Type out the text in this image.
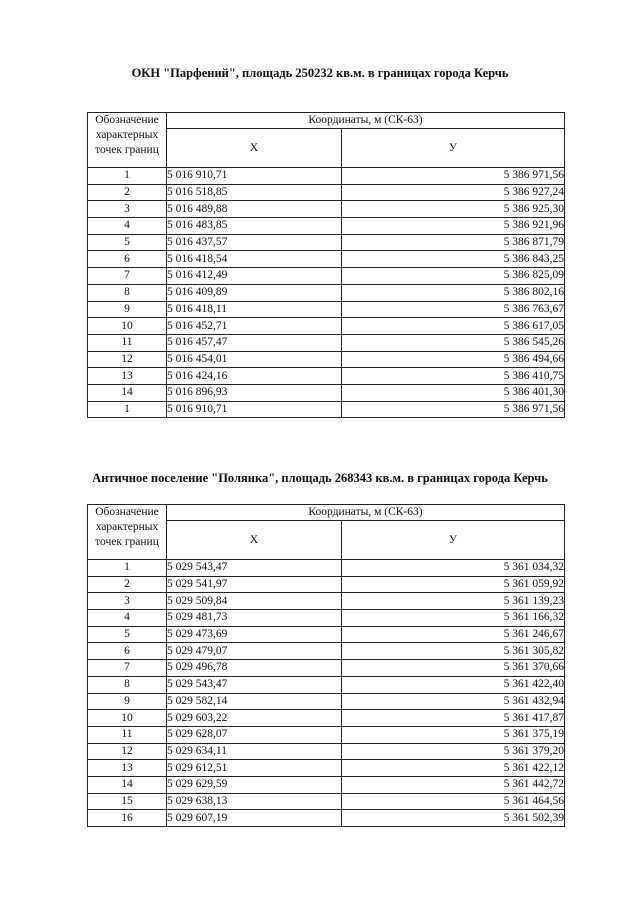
ОКН "Парфений", площадь 250232 кв.м. в границах города Керчь
Обозначение характерных точек границ	Координаты, м (СК-63)	
	Х	У
1	5 016 910,71	5 386 971,56
2	5 016 518,85	5 386 927,24
3	5 016 489,88	5 386 925,30
4	5 016 483,85	5 386 921,96
5	5 016 437,57	5 386 871,79
6	5 016 418,54	5 386 843,25
7	5 016 412,49	5 386 825,09
8	5 016 409,89	5 386 802,16
9	5 016 418,11	5 386 763,67
10	5 016 452,71	5 386 617,05
11	5 016 457,47	5 386 545,26
12	5 016 454,01	5 386 494,66
13	5 016 424,16	5 386 410,75
14	5 016 896,93	5 386 401,30
1	5 016 910,71	5 386 971,56
Античное поселение "Полянка", площадь 268343 кв.м. в границах города Керчь
Обозначение характерных точек границ	Координаты, м (СК-63)	
	Х	У
1	5 029 543,47	5 361 034,32
2	5 029 541,97	5 361 059,92
3	5 029 509,84	5 361 139,23
4	5 029 481,73	5 361 166,32
5	5 029 473,69	5 361 246,67
6	5 029 479,07	5 361 305,82
7	5 029 496,78	5 361 370,66
8	5 029 543,47	5 361 422,40
9	5 029 582,14	5 361 432,94
10	5 029 603,22	5 361 417,87
11	5 029 628,07	5 361 375,19
12	5 029 634,11	5 361 379,20
13	5 029 612,51	5 361 422,12
14	5 029 629,59	5 361 442,72
15	5 029 638,13	5 361 464,56
16	5 029 607,19	5 361 502,39
